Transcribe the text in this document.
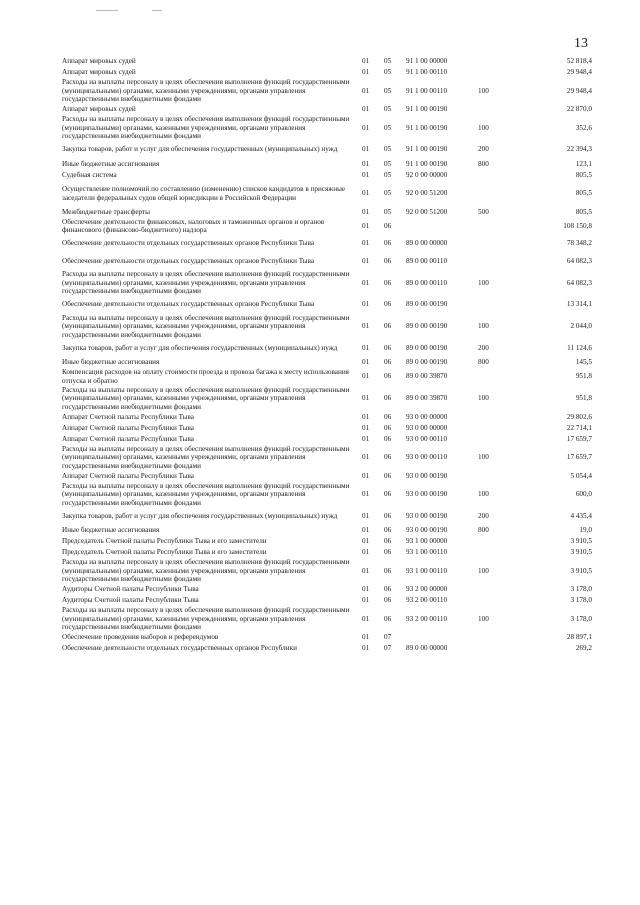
13
Аппарат мировых судей	01	05	91 1 00 00000		52 818,4
Аппарат мировых судей	01	05	91 1 00 00110		29 948,4
Расходы на выплаты персоналу в целях обеспечения выполнения функций государственными (муниципальными) органами, казенными учреждениями, органами управления государственными внебюджетными фондами	01	05	91 1 00 00110	100	29 948,4
Аппарат мировых судей	01	05	91 1 00 00190		22 870,0
Расходы на выплаты персоналу в целях обеспечения выполнения функций государственными (муниципальными) органами, казенными учреждениями, органами управления государственными внебюджетными фондами	01	05	91 1 00 00190	100	352,6
Закупка товаров, работ и услуг для обеспечения государственных (муниципальных) нужд	01	05	91 1 00 00190	200	22 394,3
Иные бюджетные ассигнования	01	05	91 1 00 00190	800	123,1
Судебная система	01	05	92 0 00 00000		805,5
Осуществление полномочий по составлению (изменению) списков кандидатов в присяжные заседатели федеральных судов общей юрисдикции в Российской Федерации	01	05	92 0 00 51200		805,5
Межбюджетные трансферты	01	05	92 0 00 51200	500	805,5
Обеспечение деятельности финансовых, налоговых и таможенных органов и органов финансового (финансово-бюджетного) надзора	01	06			108 150,8
Обеспечение деятельности отдельных государственных органов Республики Тыва	01	06	89 0 00 00000		78 348,2
Обеспечение деятельности отдельных государственных органов Республики Тыва	01	06	89 0 00 00110		64 082,3
Расходы на выплаты персоналу в целях обеспечения выполнения функций государственными (муниципальными) органами, казенными учреждениями, органами управления государственными внебюджетными фондами	01	06	89 0 00 00110	100	64 082,3
Обеспечение деятельности отдельных государственных органов Республики Тыва	01	06	89 0 00 00190		13 314,1
Расходы на выплаты персоналу в целях обеспечения выполнения функций государственными (муниципальными) органами, казенными учреждениями, органами управления государственными внебюджетными фондами	01	06	89 0 00 00190	100	2 044,0
Закупка товаров, работ и услуг для обеспечения государственных (муниципальных) нужд	01	06	89 0 00 00190	200	11 124,6
Иные бюджетные ассигнования	01	06	89 0 00 00190	800	145,5
Компенсация расходов на оплату стоимости проезда и провоза багажа к месту использования отпуска и обратно	01	06	89 0 00 39870		951,8
Расходы на выплаты персоналу в целях обеспечения выполнения функций государственными (муниципальными) органами, казенными учреждениями, органами управления государственными внебюджетными фондами	01	06	89 0 00 39870	100	951,8
Аппарат Счетной палаты Республики Тыва	01	06	93 0 00 00000		29 802,6
Аппарат Счетной палаты Республики Тыва	01	06	93 0 00 00000		22 714,1
Аппарат Счетной палаты Республики Тыва	01	06	93 0 00 00110		17 659,7
Расходы на выплаты персоналу в целях обеспечения выполнения функций государственными (муниципальными) органами, казенными учреждениями, органами управления государственными внебюджетными фондами	01	06	93 0 00 00110	100	17 659,7
Аппарат Счетной палаты Республики Тыва	01	06	93 0 00 00190		5 054,4
Расходы на выплаты персоналу в целях обеспечения выполнения функций государственными (муниципальными) органами, казенными учреждениями, органами управления государственными внебюджетными фондами	01	06	93 0 00 00190	100	600,0
Закупка товаров, работ и услуг для обеспечения государственных (муниципальных) нужд	01	06	93 0 00 00190	200	4 435,4
Иные бюджетные ассигнования	01	06	93 0 00 00190	800	19,0
Председатель Счетной палаты Республики Тыва и его заместители	01	06	93 1 00 00000		3 910,5
Председатель Счетной палаты Республики Тыва и его заместители	01	06	93 1 00 00110		3 910,5
Расходы на выплаты персоналу в целях обеспечения выполнения функций государственными (муниципальными) органами, казенными учреждениями, органами управления государственными внебюджетными фондами	01	06	93 1 00 00110	100	3 910,5
Аудиторы Счетной палаты Республики Тыва	01	06	93 2 00 00000		3 178,0
Аудиторы Счетной палаты Республики Тыва	01	06	93 2 00 00110		3 178,0
Расходы на выплаты персоналу в целях обеспечения выполнения функций государственными (муниципальными) органами, казенными учреждениями, органами управления государственными внебюджетными фондами	01	06	93 2 00 00110	100	3 178,0
Обеспечение проведения выборов и референдумов	01	07			28 897,1
Обеспечение деятельности отдельных государственных органов Республики	01	07	89 0 00 00000		269,2
